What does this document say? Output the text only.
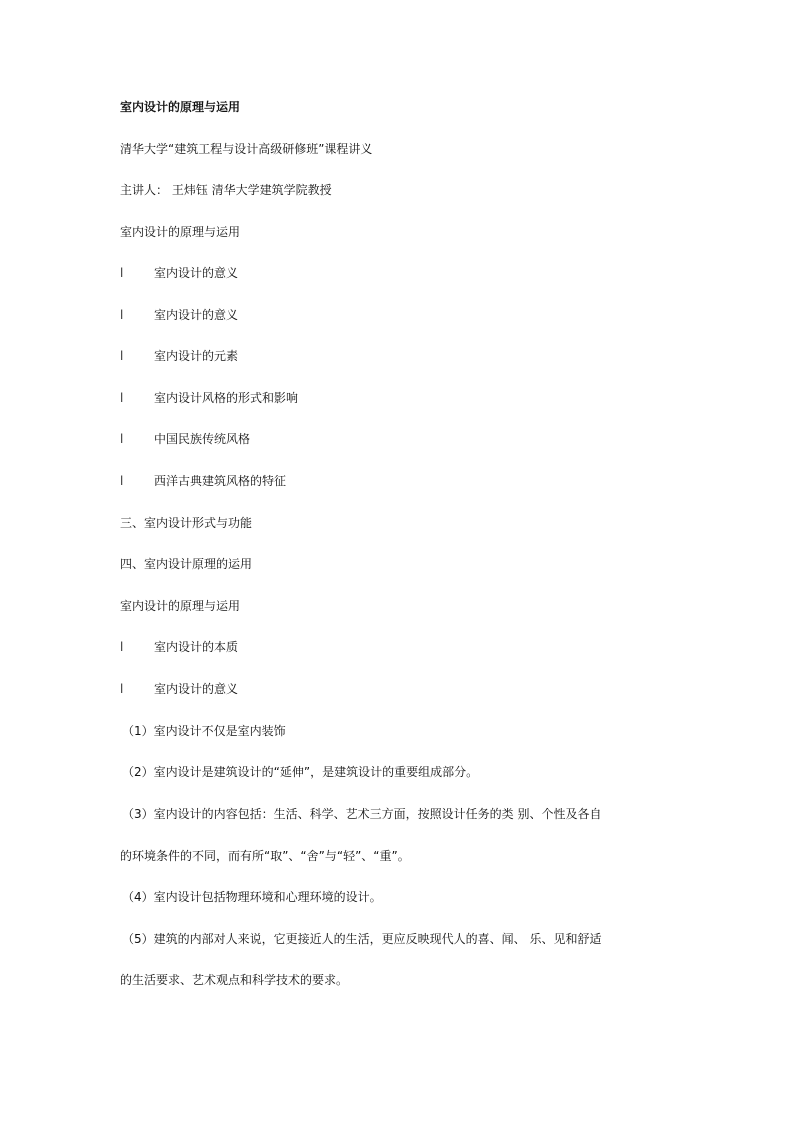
室内设计的原理与运用
清华大学“建筑工程与设计高级研修班”课程讲义
主讲人： 王炜钰 清华大学建筑学院教授
室内设计的原理与运用
l	室内设计的意义
l	室内设计的意义
l	室内设计的元素
l	室内设计风格的形式和影响
l	中国民族传统风格
l	西洋古典建筑风格的特征
三、室内设计形式与功能
四、室内设计原理的运用
室内设计的原理与运用
l	室内设计的本质
l	室内设计的意义
（1）室内设计不仅是室内装饰
（2）室内设计是建筑设计的“延伸”，是建筑设计的重要组成部分。
（3）室内设计的内容包括：生活、科学、艺术三方面，按照设计任务的类 别、个性及各自
的环境条件的不同，而有所“取”、“舍”与“轻”、“重”。
（4）室内设计包括物理环境和心理环境的设计。
（5）建筑的内部对人来说，它更接近人的生活，更应反映现代人的喜、闻、 乐、见和舒适
的生活要求、艺术观点和科学技术的要求。
